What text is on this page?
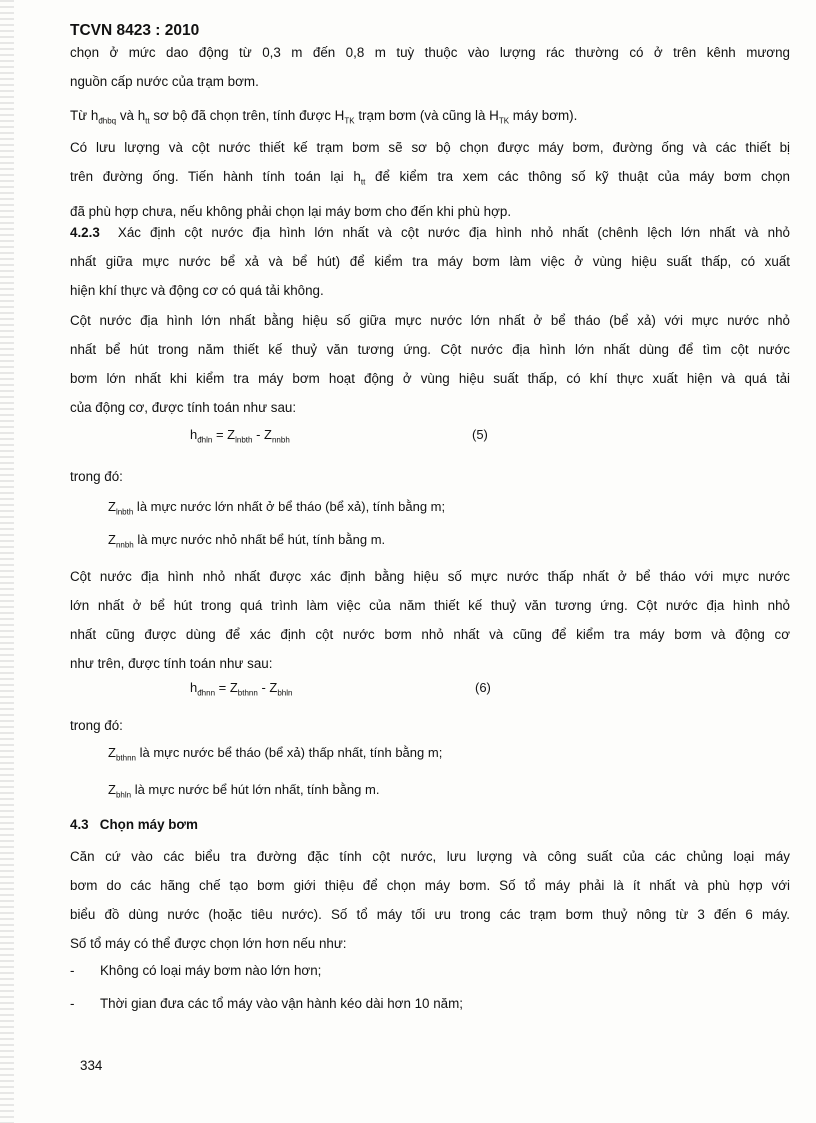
TCVN 8423 : 2010
chọn ở mức dao động từ 0,3 m đến 0,8 m tuỳ thuộc vào lượng rác thường có ở trên kênh mương
nguồn cấp nước của trạm bơm.
Từ $h_{đhbq}$ và $h_{tt}$ sơ bộ đã chọn trên, tính được $H_{TK}$ trạm bơm (và cũng là $H_{TK}$ máy bơm).
Có lưu lượng và cột nước thiết kế trạm bơm sẽ sơ bộ chọn được máy bơm, đường ống và các thiết bị
trên đường ống. Tiến hành tính toán lại $h_{tt}$ để kiểm tra xem các thông số kỹ thuật của máy bơm chọn
đã phù hợp chưa, nếu không phải chọn lại máy bơm cho đến khi phù hợp.
4.2.3 Xác định cột nước địa hình lớn nhất và cột nước địa hình nhỏ nhất (chênh lệch lớn nhất và nhỏ
nhất giữa mực nước bể xả và bể hút) để kiểm tra máy bơm làm việc ở vùng hiệu suất thấp, có xuất
hiện khí thực và động cơ có quá tải không.
Cột nước địa hình lớn nhất bằng hiệu số giữa mực nước lớn nhất ở bể tháo (bể xả) với mực nước nhỏ
nhất bể hút trong năm thiết kế thuỷ văn tương ứng. Cột nước địa hình lớn nhất dùng để tìm cột nước
bơm lớn nhất khi kiểm tra máy bơm hoạt động ở vùng hiệu suất thấp, có khí thực xuất hiện và quá tải
của động cơ, được tính toán như sau:
$h_{đhln} = Z_{lnbth} - Z_{nnbh}$	(5)
trong đó:
$Z_{lnbth}$ là mực nước lớn nhất ở bể tháo (bể xả), tính bằng m;
$Z_{nnbh}$ là mực nước nhỏ nhất bể hút, tính bằng m.
Cột nước địa hình nhỏ nhất được xác định bằng hiệu số mực nước thấp nhất ở bể tháo với mực nước
lớn nhất ở bể hút trong quá trình làm việc của năm thiết kế thuỷ văn tương ứng. Cột nước địa hình nhỏ
nhất cũng được dùng để xác định cột nước bơm nhỏ nhất và cũng để kiểm tra máy bơm và động cơ
như trên, được tính toán như sau:
$h_{đhnn} = Z_{bthnn} - Z_{bhln}$	(6)
trong đó:
$Z_{bthnn}$ là mực nước bể tháo (bể xả) thấp nhất, tính bằng m;
$Z_{bhln}$ là mực nước bể hút lớn nhất, tính bằng m.
4.3 Chọn máy bơm
Căn cứ vào các biểu tra đường đặc tính cột nước, lưu lượng và công suất của các chủng loại máy
bơm do các hãng chế tạo bơm giới thiệu để chọn máy bơm. Số tổ máy phải là ít nhất và phù hợp với
biểu đồ dùng nước (hoặc tiêu nước). Số tổ máy tối ưu trong các trạm bơm thuỷ nông từ 3 đến 6 máy.
Số tổ máy có thể được chọn lớn hơn nếu như:
- Không có loại máy bơm nào lớn hơn;
- Thời gian đưa các tổ máy vào vận hành kéo dài hơn 10 năm;
334
